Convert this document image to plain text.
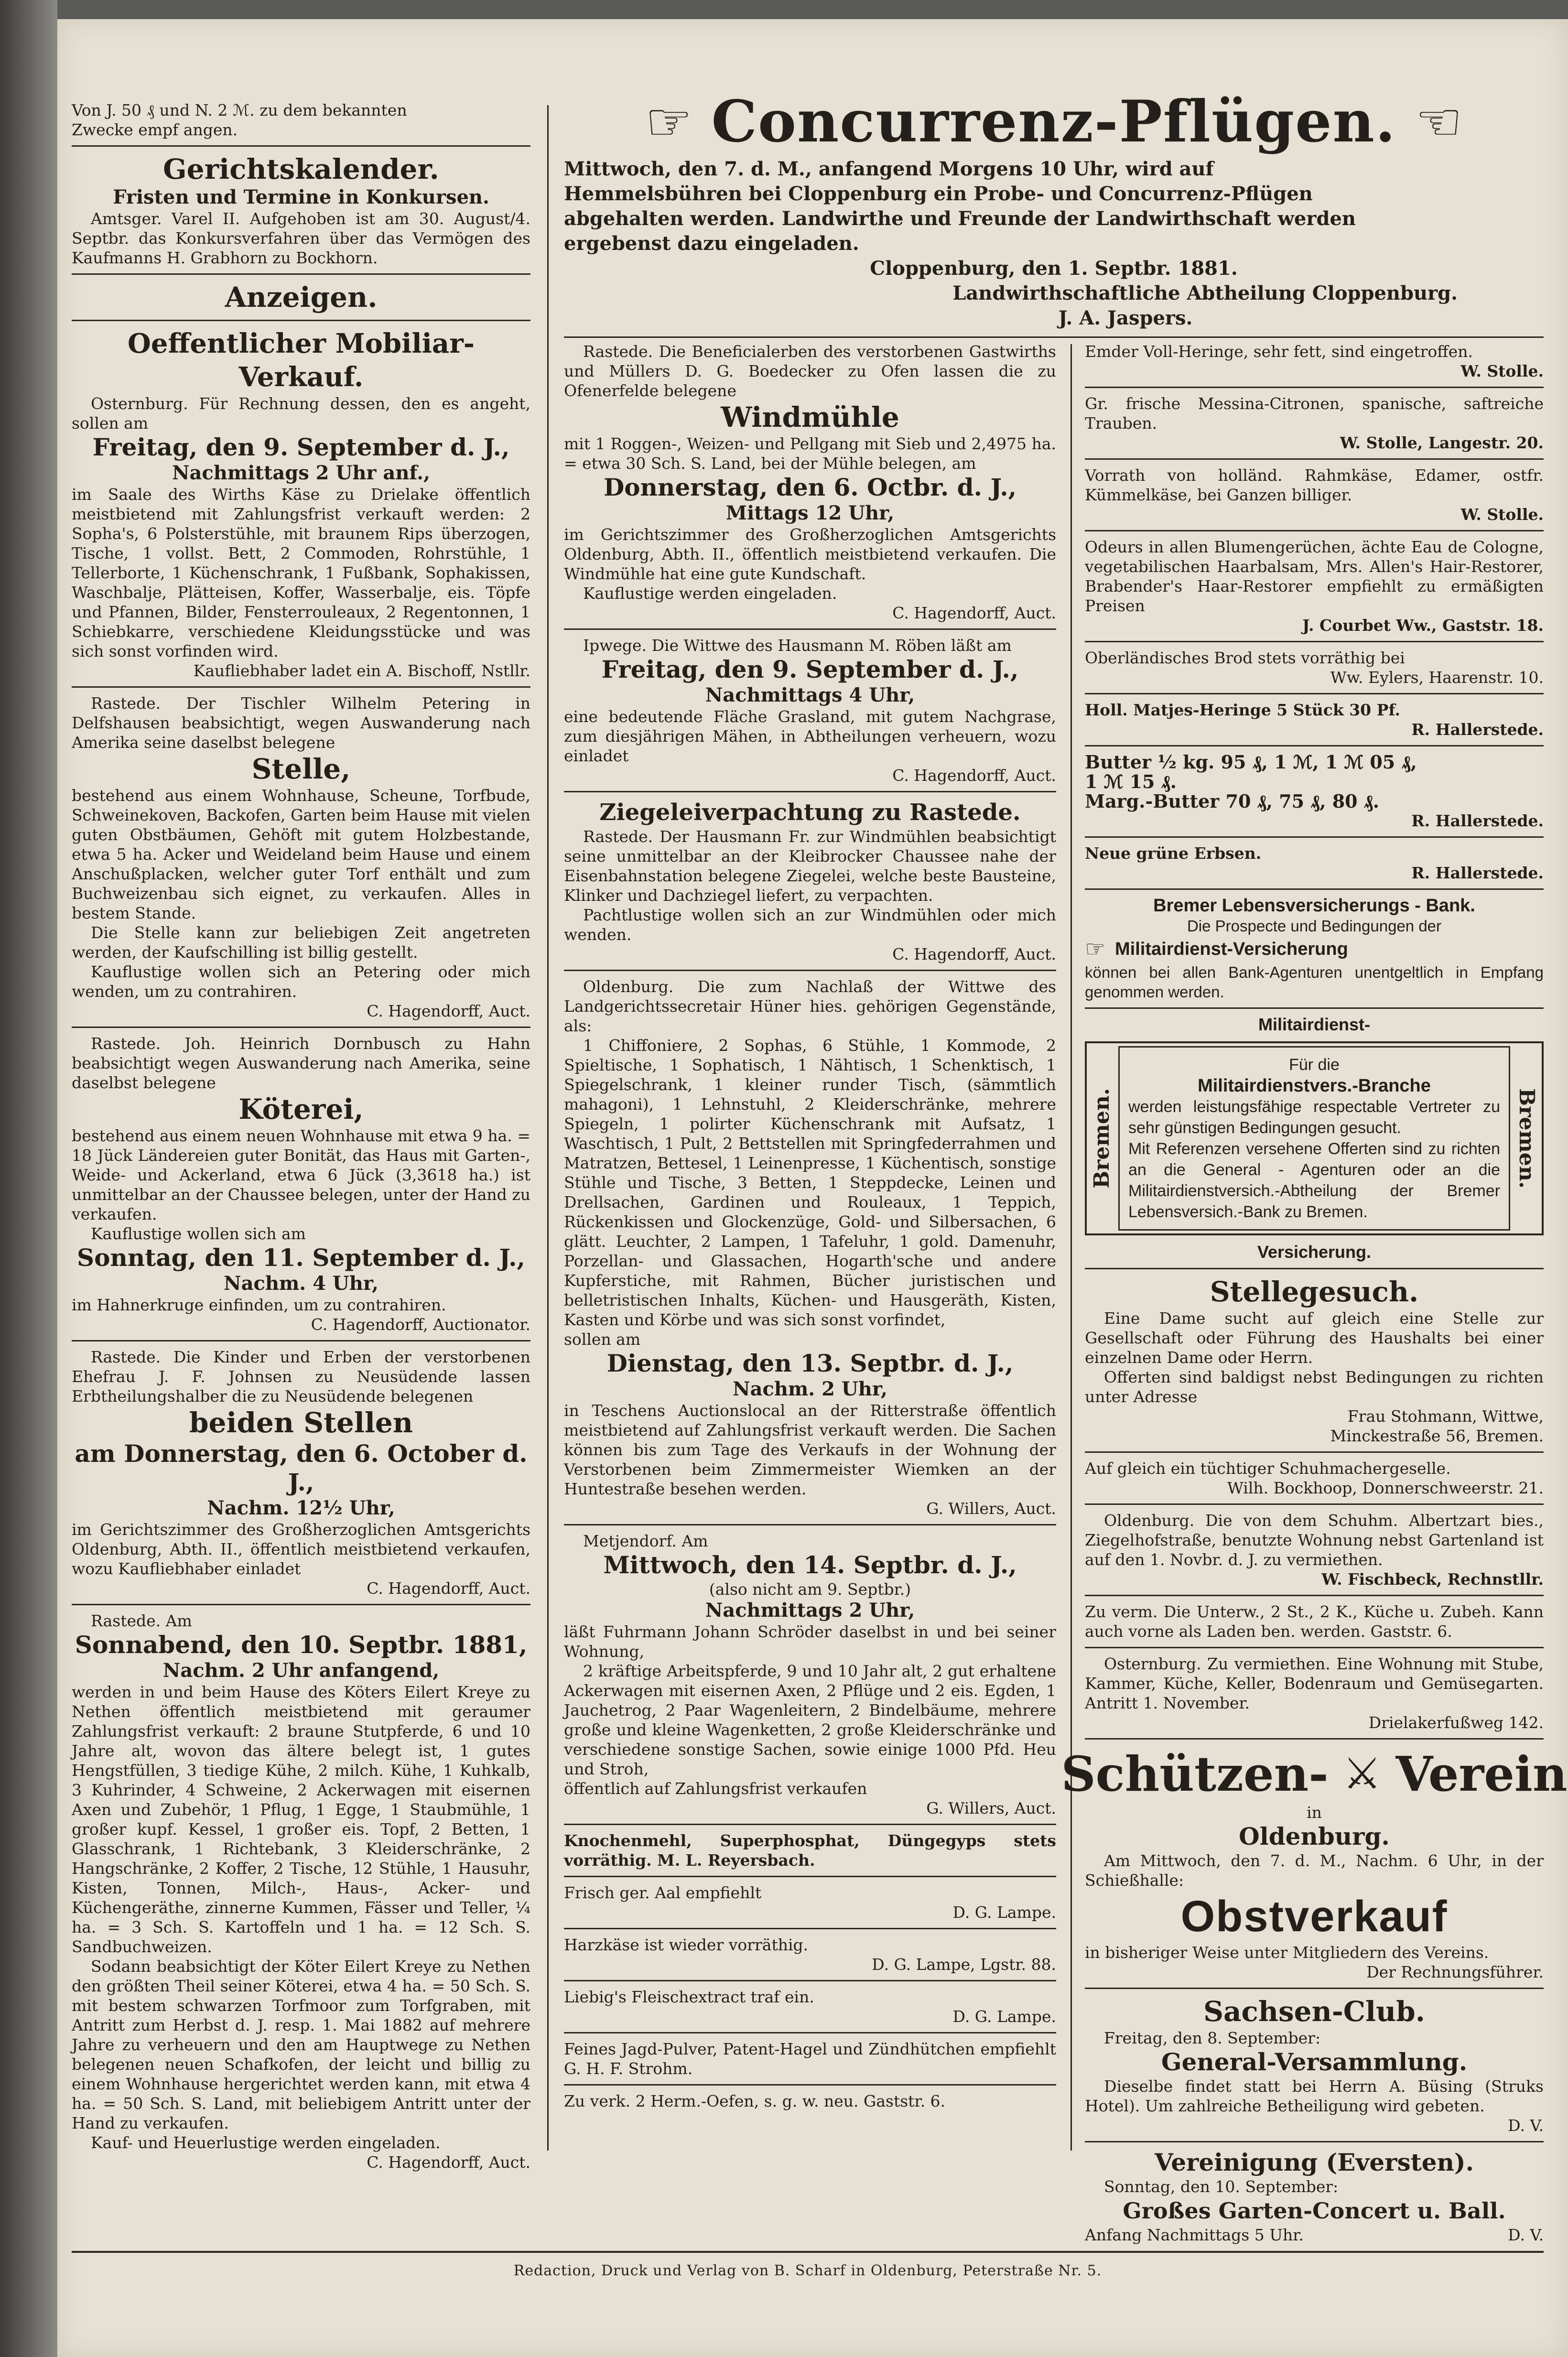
☞ Concurrenz-Pflügen. ☜
Mittwoch, den 7. d. M., anfangend Morgens 10 Uhr, wird auf
Hemmelsbühren bei Cloppenburg ein Probe- und Concurrenz-Pflügen
abgehalten werden. Landwirthe und Freunde der Landwirthschaft werden
ergebenst dazu eingeladen.
Cloppenburg, den 1. Septbr. 1881.
Landwirthschaftliche Abtheilung Cloppenburg.
J. A. Jaspers.

Von J. 50 ₰ und N. 2 ℳ. zu dem bekannten

Zwecke empf angen.

Gerichtskalender.
Fristen und Termine in Konkursen.

Amtsger. Varel II. Aufgehoben ist am 30. August/4. Septbr. das Konkursverfahren über das Vermögen des Kaufmanns H. Grabhorn zu Bockhorn.

Anzeigen.
Oeffentlicher Mobiliar-Verkauf.

Osternburg. Für Rechnung dessen, den es angeht, sollen am

Freitag, den 9. September d. J.,
Nachmittags 2 Uhr anf.,

im Saale des Wirths Käse zu Drielake öffentlich meistbietend mit Zahlungsfrist verkauft werden: 2 Sopha's, 6 Polsterstühle, mit braunem Rips überzogen, Tische, 1 vollst. Bett, 2 Commoden, Rohrstühle, 1 Tellerborte, 1 Küchenschrank, 1 Fußbank, Sophakissen, Waschbalje, Plätteisen, Koffer, Wasserbalje, eis. Töpfe und Pfannen, Bilder, Fensterrouleaux, 2 Regentonnen, 1 Schiebkarre, verschiedene Kleidungsstücke und was sich sonst vorfinden wird.

Kaufliebhaber ladet ein A. Bischoff, Nstllr.

Rastede. Der Tischler Wilhelm Petering in Delfshausen beabsichtigt, wegen Auswanderung nach Amerika seine daselbst belegene

Stelle,

bestehend aus einem Wohnhause, Scheune, Torfbude, Schweinekoven, Backofen, Garten beim Hause mit vielen guten Obstbäumen, Gehöft mit gutem Holzbestande, etwa 5 ha. Acker und Weideland beim Hause und einem Anschußplacken, welcher guter Torf enthält und zum Buchweizenbau sich eignet, zu verkaufen. Alles in bestem Stande.

Die Stelle kann zur beliebigen Zeit angetreten werden, der Kaufschilling ist billig gestellt.

Kauflustige wollen sich an Petering oder mich wenden, um zu contrahiren.

C. Hagendorff, Auct.

Rastede. Joh. Heinrich Dornbusch zu Hahn beabsichtigt wegen Auswanderung nach Amerika, seine daselbst belegene

Köterei,

bestehend aus einem neuen Wohnhause mit etwa 9 ha. = 18 Jück Ländereien guter Bonität, das Haus mit Garten-, Weide- und Ackerland, etwa 6 Jück (3,3618 ha.) ist unmittelbar an der Chaussee belegen, unter der Hand zu verkaufen.

Kauflustige wollen sich am

Sonntag, den 11. September d. J.,
Nachm. 4 Uhr,

im Hahnerkruge einfinden, um zu contrahiren.

C. Hagendorff, Auctionator.

Rastede. Die Kinder und Erben der verstorbenen Ehefrau J. F. Johnsen zu Neusüdende lassen Erbtheilungshalber die zu Neusüdende belegenen

beiden Stellen
am Donnerstag, den 6. October d. J.,
Nachm. 12½ Uhr,

im Gerichtszimmer des Großherzoglichen Amtsgerichts Oldenburg, Abth. II., öffentlich meistbietend verkaufen, wozu Kaufliebhaber einladet

C. Hagendorff, Auct.

Rastede. Am

Sonnabend, den 10. Septbr. 1881,
Nachm. 2 Uhr anfangend,

werden in und beim Hause des Köters Eilert Kreye zu Nethen öffentlich meistbietend mit geraumer Zahlungsfrist verkauft: 2 braune Stutpferde, 6 und 10 Jahre alt, wovon das ältere belegt ist, 1 gutes Hengstfüllen, 3 tiedige Kühe, 2 milch. Kühe, 1 Kuhkalb, 3 Kuhrinder, 4 Schweine, 2 Ackerwagen mit eisernen Axen und Zubehör, 1 Pflug, 1 Egge, 1 Staubmühle, 1 großer kupf. Kessel, 1 großer eis. Topf, 2 Betten, 1 Glasschrank, 1 Richtebank, 3 Kleiderschränke, 2 Hangschränke, 2 Koffer, 2 Tische, 12 Stühle, 1 Hausuhr, Kisten, Tonnen, Milch-, Haus-, Acker- und Küchengeräthe, zinnerne Kummen, Fässer und Teller, ¼ ha. = 3 Sch. S. Kartoffeln und 1 ha. = 12 Sch. S. Sandbuchweizen.

Sodann beabsichtigt der Köter Eilert Kreye zu Nethen den größten Theil seiner Köterei, etwa 4 ha. = 50 Sch. S. mit bestem schwarzen Torfmoor zum Torfgraben, mit Antritt zum Herbst d. J. resp. 1. Mai 1882 auf mehrere Jahre zu verheuern und den am Hauptwege zu Nethen belegenen neuen Schafkofen, der leicht und billig zu einem Wohnhause hergerichtet werden kann, mit etwa 4 ha. = 50 Sch. S. Land, mit beliebigem Antritt unter der Hand zu verkaufen.

Kauf- und Heuerlustige werden eingeladen.

C. Hagendorff, Auct.

Rastede. Die Beneficialerben des verstorbenen Gastwirths und Müllers D. G. Boedecker zu Ofen lassen die zu Ofenerfelde belegene

Windmühle

mit 1 Roggen-, Weizen- und Pellgang mit Sieb und 2,4975 ha. = etwa 30 Sch. S. Land, bei der Mühle belegen, am

Donnerstag, den 6. Octbr. d. J.,
Mittags 12 Uhr,

im Gerichtszimmer des Großherzoglichen Amtsgerichts Oldenburg, Abth. II., öffentlich meistbietend verkaufen. Die Windmühle hat eine gute Kundschaft.

Kauflustige werden eingeladen.

C. Hagendorff, Auct.

Ipwege. Die Wittwe des Hausmann M. Röben läßt am

Freitag, den 9. September d. J.,
Nachmittags 4 Uhr,

eine bedeutende Fläche Grasland, mit gutem Nachgrase, zum diesjährigen Mähen, in Abtheilungen verheuern, wozu einladet

C. Hagendorff, Auct.

Ziegeleiverpachtung zu Rastede.

Rastede. Der Hausmann Fr. zur Windmühlen beabsichtigt seine unmittelbar an der Kleibrocker Chaussee nahe der Eisenbahnstation belegene Ziegelei, welche beste Bausteine, Klinker und Dachziegel liefert, zu verpachten.

Pachtlustige wollen sich an zur Windmühlen oder mich wenden.

C. Hagendorff, Auct.

Oldenburg. Die zum Nachlaß der Wittwe des Landgerichtssecretair Hüner hies. gehörigen Gegenstände, als:

1 Chiffoniere, 2 Sophas, 6 Stühle, 1 Kommode, 2 Spieltische, 1 Sophatisch, 1 Nähtisch, 1 Schenktisch, 1 Spiegelschrank, 1 kleiner runder Tisch, (sämmtlich mahagoni), 1 Lehnstuhl, 2 Kleiderschränke, mehrere Spiegeln, 1 polirter Küchenschrank mit Aufsatz, 1 Waschtisch, 1 Pult, 2 Bettstellen mit Springfederrahmen und Matratzen, Bettesel, 1 Leinenpresse, 1 Küchentisch, sonstige Stühle und Tische, 3 Betten, 1 Steppdecke, Leinen und Drellsachen, Gardinen und Rouleaux, 1 Teppich, Rückenkissen und Glockenzüge, Gold- und Silbersachen, 6 glätt. Leuchter, 2 Lampen, 1 Tafeluhr, 1 gold. Damenuhr, Porzellan- und Glassachen, Hogarth'sche und andere Kupferstiche, mit Rahmen, Bücher juristischen und belletristischen Inhalts, Küchen- und Hausgeräth, Kisten, Kasten und Körbe und was sich sonst vorfindet,

sollen am

Dienstag, den 13. Septbr. d. J.,
Nachm. 2 Uhr,

in Teschens Auctionslocal an der Ritterstraße öffentlich meistbietend auf Zahlungsfrist verkauft werden. Die Sachen können bis zum Tage des Verkaufs in der Wohnung der Verstorbenen beim Zimmermeister Wiemken an der Huntestraße besehen werden.

G. Willers, Auct.

Metjendorf. Am

Mittwoch, den 14. Septbr. d. J.,

(also nicht am 9. Septbr.)

Nachmittags 2 Uhr,

läßt Fuhrmann Johann Schröder daselbst in und bei seiner Wohnung,

2 kräftige Arbeitspferde, 9 und 10 Jahr alt, 2 gut erhaltene Ackerwagen mit eisernen Axen, 2 Pflüge und 2 eis. Egden, 1 Jauchetrog, 2 Paar Wagenleitern, 2 Bindelbäume, mehrere große und kleine Wagenketten, 2 große Kleiderschränke und verschiedene sonstige Sachen, sowie einige 1000 Pfd. Heu und Stroh,

öffentlich auf Zahlungsfrist verkaufen

G. Willers, Auct.

Knochenmehl, Superphosphat, Düngegyps stets vorräthig. M. L. Reyersbach.

Frisch ger. Aal empfiehlt

D. G. Lampe.

Harzkäse ist wieder vorräthig.

D. G. Lampe, Lgstr. 88.

Liebig's Fleischextract traf ein.

D. G. Lampe.

Feines Jagd-Pulver, Patent-Hagel und Zündhütchen empfiehlt G. H. F. Strohm.

Zu verk. 2 Herm.-Oefen, s. g. w. neu. Gaststr. 6.

Emder Voll-Heringe, sehr fett, sind eingetroffen.

W. Stolle.

Gr. frische Messina-Citronen, spanische, saftreiche Trauben.

W. Stolle, Langestr. 20.

Vorrath von holländ. Rahmkäse, Edamer, ostfr. Kümmelkäse, bei Ganzen billiger.

W. Stolle.

Odeurs in allen Blumengerüchen, ächte Eau de Cologne, vegetabilischen Haarbalsam, Mrs. Allen's Hair-Restorer, Brabender's Haar-Restorer empfiehlt zu ermäßigten Preisen

J. Courbet Ww., Gaststr. 18.

Oberländisches Brod stets vorräthig bei

Ww. Eylers, Haarenstr. 10.

Holl. Matjes-Heringe 5 Stück 30 Pf.

R. Hallerstede.

Butter ½ kg. 95 ₰, 1 ℳ, 1 ℳ 05 ₰,

1 ℳ 15 ₰.

Marg.-Butter 70 ₰, 75 ₰, 80 ₰.

R. Hallerstede.

Neue grüne Erbsen.

R. Hallerstede.

Bremer Lebensversicherungs - Bank.

Die Prospecte und Bedingungen der

☞ Militairdienst-Versicherung

können bei allen Bank-Agenturen unentgeltlich in Empfang genommen werden.

Militairdienst-
Bremen.
Für die
Militairdienstvers.-Branche
werden leistungsfähige respectable Vertreter zu sehr günstigen Bedingungen gesucht.
Mit Referenzen versehene Offerten sind zu richten an die General - Agenturen oder an die Militairdienstversich.-Abtheilung der Bremer Lebensversich.-Bank zu Bremen.
Bremen.
Versicherung.
Stellegesuch.

Eine Dame sucht auf gleich eine Stelle zur Gesellschaft oder Führung des Haushalts bei einer einzelnen Dame oder Herrn.

Offerten sind baldigst nebst Bedingungen zu richten unter Adresse

Frau Stohmann, Wittwe,

Minckestraße 56, Bremen.

Auf gleich ein tüchtiger Schuhmachergeselle.

Wilh. Bockhoop, Donnerschweerstr. 21.

Oldenburg. Die von dem Schuhm. Albertzart bies., Ziegelhofstraße, benutzte Wohnung nebst Gartenland ist auf den 1. Novbr. d. J. zu vermiethen.

W. Fischbeck, Rechnstllr.

Zu verm. Die Unterw., 2 St., 2 K., Küche u. Zubeh. Kann auch vorne als Laden ben. werden. Gaststr. 6.

Osternburg. Zu vermiethen. Eine Wohnung mit Stube, Kammer, Küche, Keller, Bodenraum und Gemüsegarten. Antritt 1. November.

Drielakerfußweg 142.

Schützen- ⚔ Verein

in

Oldenburg.

Am Mittwoch, den 7. d. M., Nachm. 6 Uhr, in der Schießhalle:

Obstverkauf

in bisheriger Weise unter Mitgliedern des Vereins.

Der Rechnungsführer.

Sachsen-Club.

Freitag, den 8. September:

General-Versammlung.

Dieselbe findet statt bei Herrn A. Büsing (Struks Hotel). Um zahlreiche Betheiligung wird gebeten.

D. V.

Vereinigung (Eversten).

Sonntag, den 10. September:

Großes Garten-Concert u. Ball.
Anfang Nachmittags 5 Uhr.	D. V.
Redaction, Druck und Verlag von B. Scharf in Oldenburg, Peterstraße Nr. 5.
